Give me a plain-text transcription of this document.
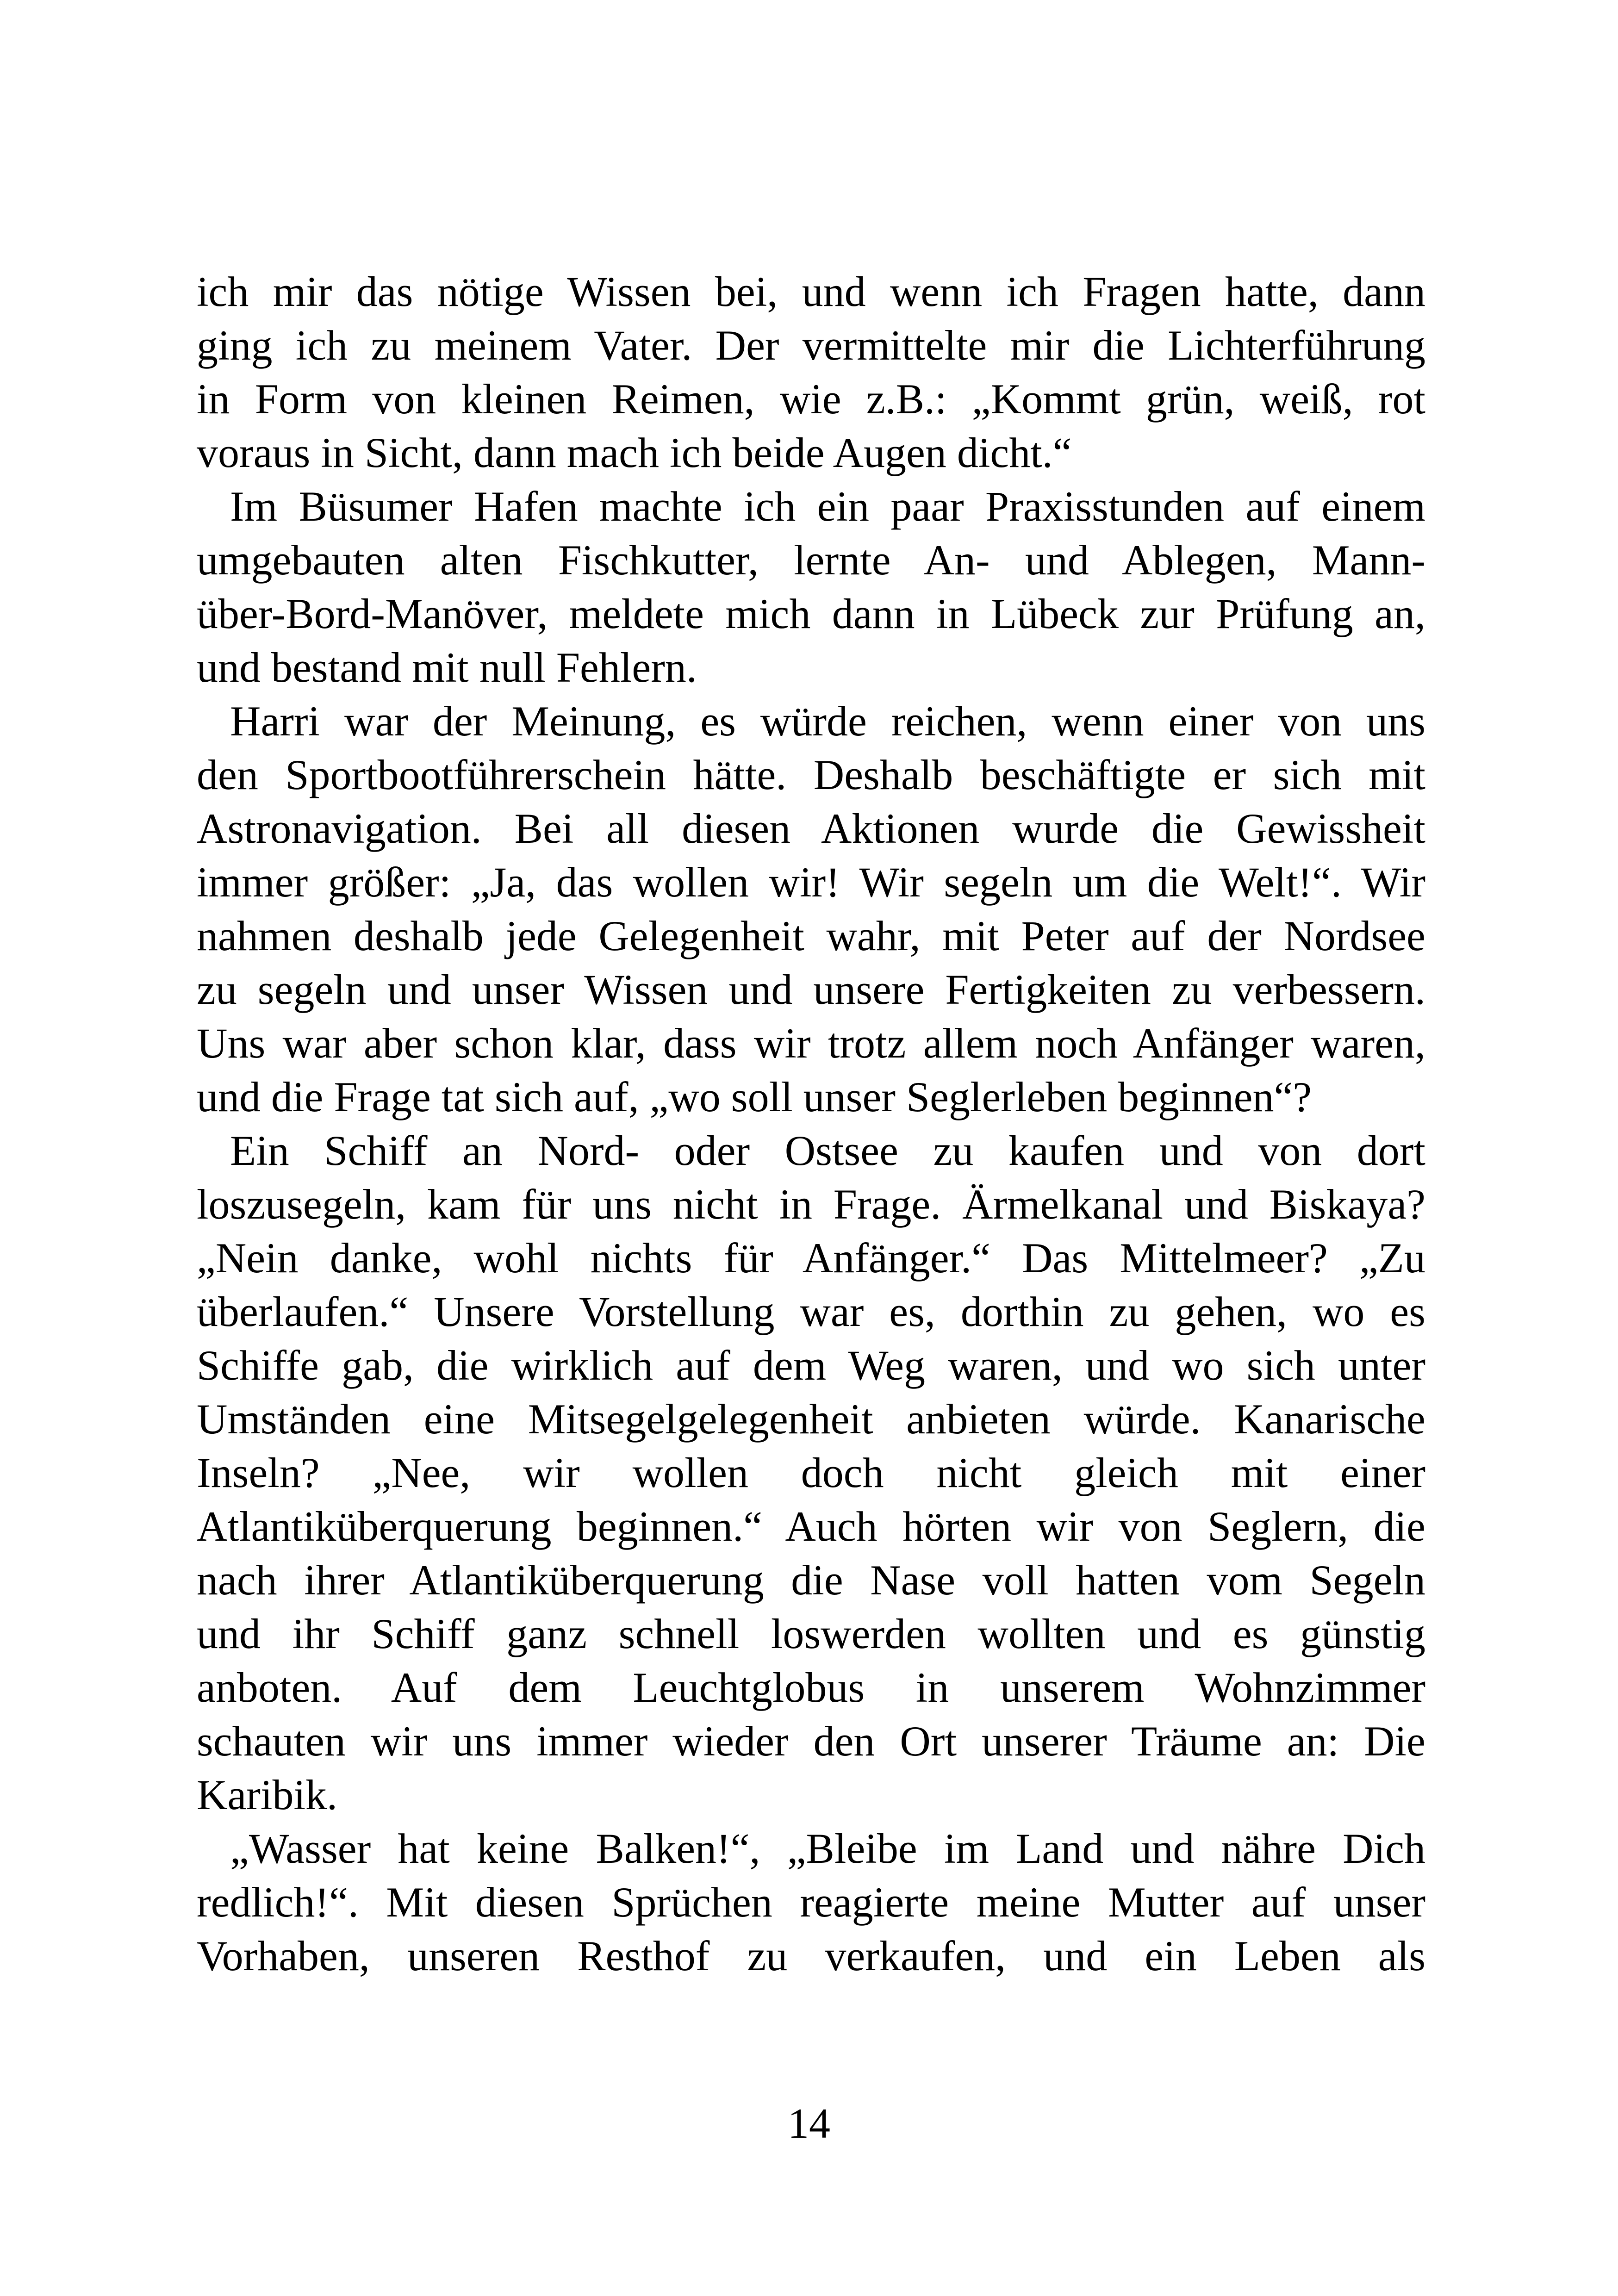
ich mir das nötige Wissen bei, und wenn ich Fragen hatte, dann
ging ich zu meinem Vater. Der vermittelte mir die Lichterführung
in Form von kleinen Reimen, wie z.B.: „Kommt grün, weiß, rot
voraus in Sicht, dann mach ich beide Augen dicht.“
Im Büsumer Hafen machte ich ein paar Praxisstunden auf einem
umgebauten alten Fischkutter, lernte An- und Ablegen, Mann-
über-Bord-Manöver, meldete mich dann in Lübeck zur Prüfung an,
und bestand mit null Fehlern.
Harri war der Meinung, es würde reichen, wenn einer von uns
den Sportbootführerschein hätte. Deshalb beschäftigte er sich mit
Astronavigation. Bei all diesen Aktionen wurde die Gewissheit
immer größer: „Ja, das wollen wir! Wir segeln um die Welt!“. Wir
nahmen deshalb jede Gelegenheit wahr, mit Peter auf der Nordsee
zu segeln und unser Wissen und unsere Fertigkeiten zu verbessern.
Uns war aber schon klar, dass wir trotz allem noch Anfänger waren,
und die Frage tat sich auf, „wo soll unser Seglerleben beginnen“?
Ein Schiff an Nord- oder Ostsee zu kaufen und von dort
loszusegeln, kam für uns nicht in Frage. Ärmelkanal und Biskaya?
„Nein danke, wohl nichts für Anfänger.“ Das Mittelmeer? „Zu
überlaufen.“ Unsere Vorstellung war es, dorthin zu gehen, wo es
Schiffe gab, die wirklich auf dem Weg waren, und wo sich unter
Umständen eine Mitsegelgelegenheit anbieten würde. Kanarische
Inseln? „Nee, wir wollen doch nicht gleich mit einer
Atlantiküberquerung beginnen.“ Auch hörten wir von Seglern, die
nach ihrer Atlantiküberquerung die Nase voll hatten vom Segeln
und ihr Schiff ganz schnell loswerden wollten und es günstig
anboten. Auf dem Leuchtglobus in unserem Wohnzimmer
schauten wir uns immer wieder den Ort unserer Träume an: Die
Karibik.
„Wasser hat keine Balken!“, „Bleibe im Land und nähre Dich
redlich!“. Mit diesen Sprüchen reagierte meine Mutter auf unser
Vorhaben, unseren Resthof zu verkaufen, und ein Leben als
14
